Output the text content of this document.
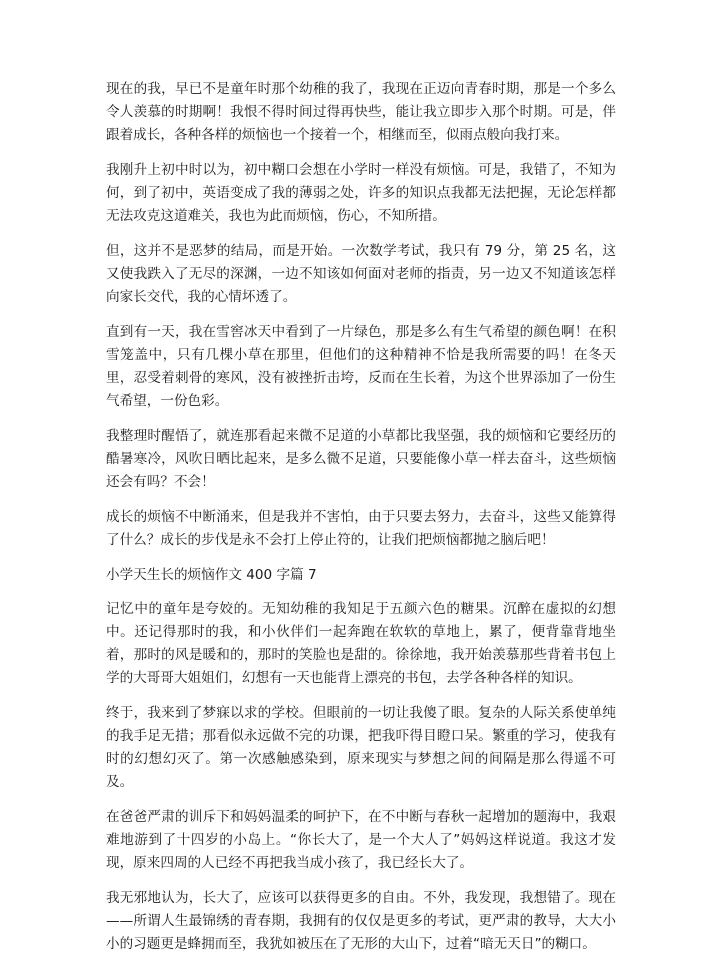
现在的我，早已不是童年时那个幼稚的我了，我现在正迈向青春时期，那是一个多么令人羡慕的时期啊！我恨不得时间过得再快些，能让我立即步入那个时期。可是，伴跟着成长，各种各样的烦恼也一个接着一个，相继而至，似雨点般向我打来。

我刚升上初中时以为，初中糊口会想在小学时一样没有烦恼。可是，我错了，不知为何，到了初中，英语变成了我的薄弱之处，许多的知识点我都无法把握，无论怎样都无法攻克这道难关，我也为此而烦恼，伤心，不知所措。

但，这并不是恶梦的结局，而是开始。一次数学考试，我只有 79 分，第 25 名，这又使我跌入了无尽的深渊，一边不知该如何面对老师的指责，另一边又不知道该怎样向家长交代，我的心情坏透了。

直到有一天，我在雪窖冰天中看到了一片绿色，那是多么有生气希望的颜色啊！在积雪笼盖中，只有几棵小草在那里，但他们的这种精神不恰是我所需要的吗！在冬天里，忍受着刺骨的寒风，没有被挫折击垮，反而在生长着，为这个世界添加了一份生气希望，一份色彩。

我整理时醒悟了，就连那看起来微不足道的小草都比我坚强，我的烦恼和它要经历的酷暑寒冷，风吹日晒比起来，是多么微不足道，只要能像小草一样去奋斗，这些烦恼还会有吗？不会！

成长的烦恼不中断涌来，但是我并不害怕，由于只要去努力，去奋斗，这些又能算得了什么？成长的步伐是永不会打上停止符的，让我们把烦恼都抛之脑后吧！

小学天生长的烦恼作文 400 字篇 7

记忆中的童年是夸姣的。无知幼稚的我知足于五颜六色的糖果。沉醉在虚拟的幻想中。还记得那时的我，和小伙伴们一起奔跑在软软的草地上，累了，便背靠背地坐着，那时的风是暖和的，那时的笑脸也是甜的。徐徐地，我开始羡慕那些背着书包上学的大哥哥大姐姐们，幻想有一天也能背上漂亮的书包，去学各种各样的知识。

终于，我来到了梦寐以求的学校。但眼前的一切让我傻了眼。复杂的人际关系使单纯的我手足无措；那看似永远做不完的功课，把我吓得目瞪口呆。繁重的学习，使我有时的幻想幻灭了。第一次感触感染到，原来现实与梦想之间的间隔是那么得遥不可及。

在爸爸严肃的训斥下和妈妈温柔的呵护下，在不中断与春秋一起增加的题海中，我艰难地游到了十四岁的小岛上。“你长大了，是一个大人了”妈妈这样说道。我这才发现，原来四周的人已经不再把我当成小孩了，我已经长大了。

我无邪地认为，长大了，应该可以获得更多的自由。不外，我发现，我想错了。现在——所谓人生最锦绣的青春期，我拥有的仅仅是更多的考试，更严肃的教导，大大小小的习题更是蜂拥而至，我犹如被压在了无形的大山下，过着“暗无天日”的糊口。
